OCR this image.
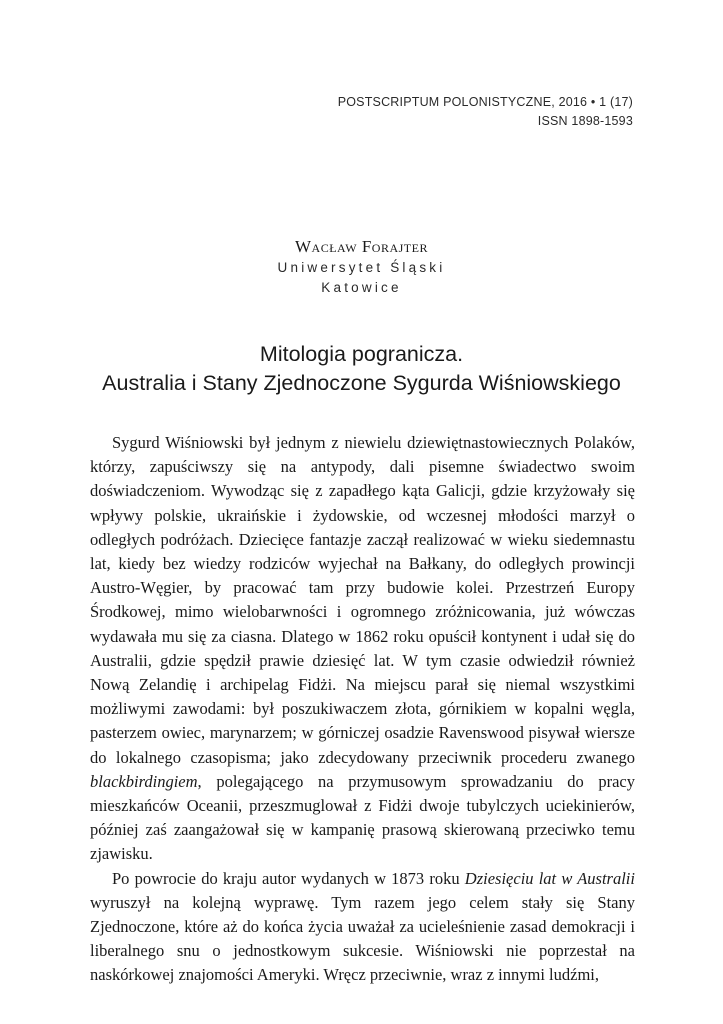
POSTSCRIPTUM POLONISTYCZNE, 2016 • 1 (17)
ISSN 1898-1593
Wacław Forajter
Uniwersytet Śląski
Katowice
Mitologia pogranicza.
Australia i Stany Zjednoczone Sygurda Wiśniowskiego

Sygurd Wiśniowski był jednym z niewielu dziewiętnastowiecznych Polaków, którzy, zapuściwszy się na antypody, dali pisemne świadectwo swoim doświadczeniom. Wywodząc się z zapadłego kąta Galicji, gdzie krzyżowały się wpływy polskie, ukraińskie i żydowskie, od wczesnej młodości marzył o odległych podróżach. Dziecięce fantazje zaczął realizować w wieku siedemnastu lat, kiedy bez wiedzy rodziców wyjechał na Bałkany, do odległych prowincji Austro-Węgier, by pracować tam przy budowie kolei. Przestrzeń Europy Środkowej, mimo wielobarwności i ogromnego zróżnicowania, już wówczas wydawała mu się za ciasna. Dlatego w 1862 roku opuścił kontynent i udał się do Australii, gdzie spędził prawie dziesięć lat. W tym czasie odwiedził również Nową Zelandię i archipelag Fidżi. Na miejscu parał się niemal wszystkimi możliwymi zawodami: był poszukiwaczem złota, górnikiem w kopalni węgla, pasterzem owiec, marynarzem; w górniczej osadzie Ravenswood pisywał wiersze do lokalnego czasopisma; jako zdecydowany przeciwnik procederu zwanego blackbirdingiem, polegającego na przymusowym sprowadzaniu do pracy mieszkańców Oceanii, przeszmuglował z Fidżi dwoje tubylczych uciekinierów, później zaś zaangażował się w kampanię prasową skierowaną przeciwko temu zjawisku.

Po powrocie do kraju autor wydanych w 1873 roku Dziesięciu lat w Australii wyruszył na kolejną wyprawę. Tym razem jego celem stały się Stany Zjednoczone, które aż do końca życia uważał za ucieleśnienie zasad demokracji i liberalnego snu o jednostkowym sukcesie. Wiśniowski nie poprzestał na naskórkowej znajomości Ameryki. Wręcz przeciwnie, wraz z innymi ludźmi,
